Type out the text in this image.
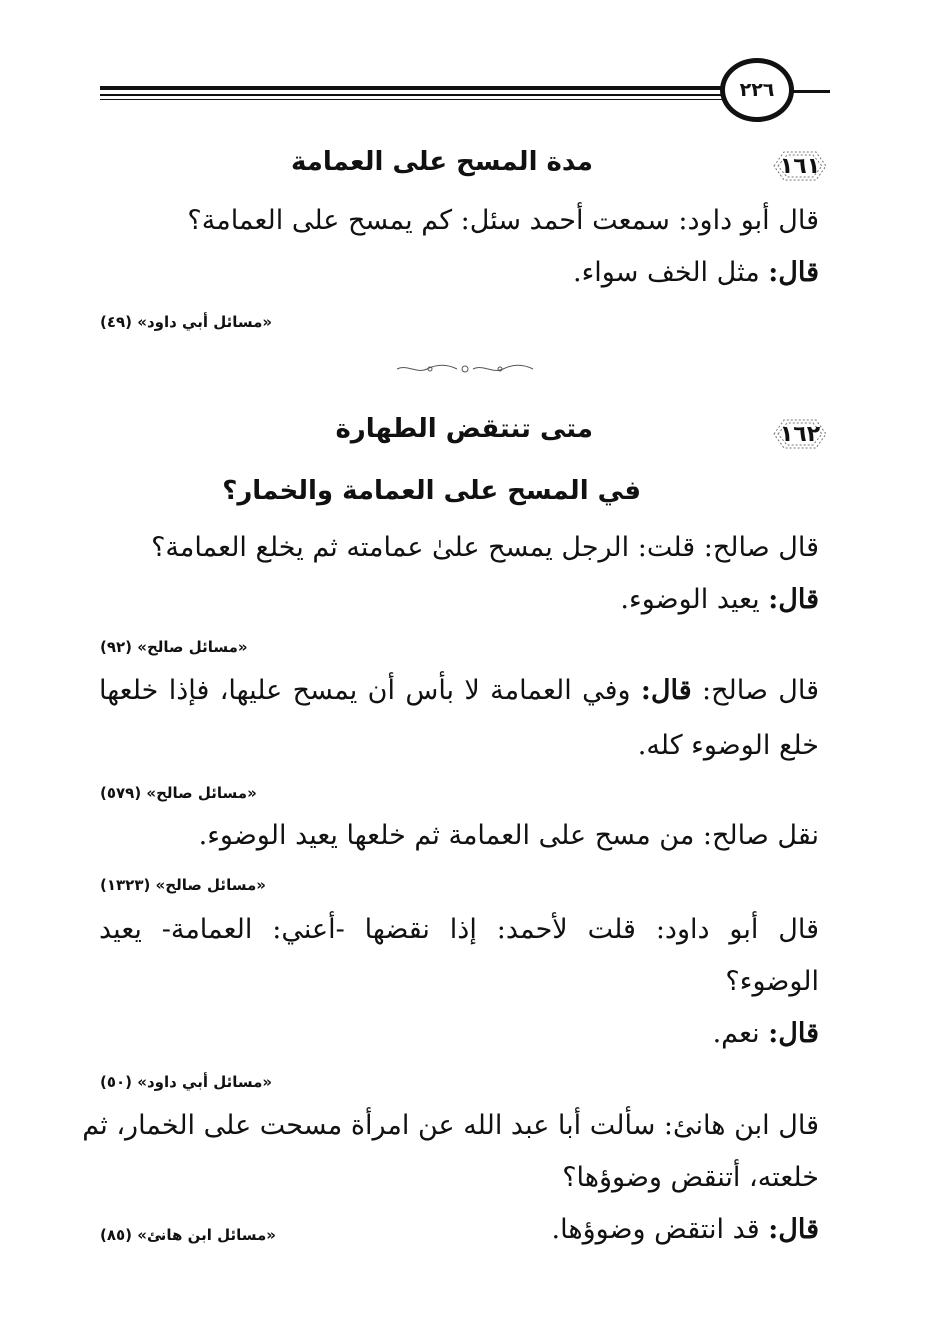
٢٢٦
١٦١
مدة المسح على العمامة
قال أبو داود: سمعت أحمد سئل: كم يمسح على العمامة؟
قال: مثل الخف سواء.
«مسائل أبي داود» (٤٩)
١٦٢
متى تنتقض الطهارة
في المسح على العمامة والخمار؟
قال صالح: قلت: الرجل يمسح علىٰ عمامته ثم يخلع العمامة؟
قال: يعيد الوضوء.
«مسائل صالح» (٩٢)
قال صالح: قال: وفي العمامة لا بأس أن يمسح عليها، فإذا خلعها
خلع الوضوء كله.
«مسائل صالح» (٥٧٩)
نقل صالح: من مسح على العمامة ثم خلعها يعيد الوضوء.
«مسائل صالح» (١٣٢٣)
قال أبو داود: قلت لأحمد: إذا نقضها -أعني: العمامة- يعيد
الوضوء؟
قال: نعم.
«مسائل أبي داود» (٥٠)
قال ابن هانئ: سألت أبا عبد الله عن امرأة مسحت على الخمار، ثم
خلعته، أتنقض وضوؤها؟
قال: قد انتقض وضوؤها.
«مسائل ابن هانئ» (٨٥)
